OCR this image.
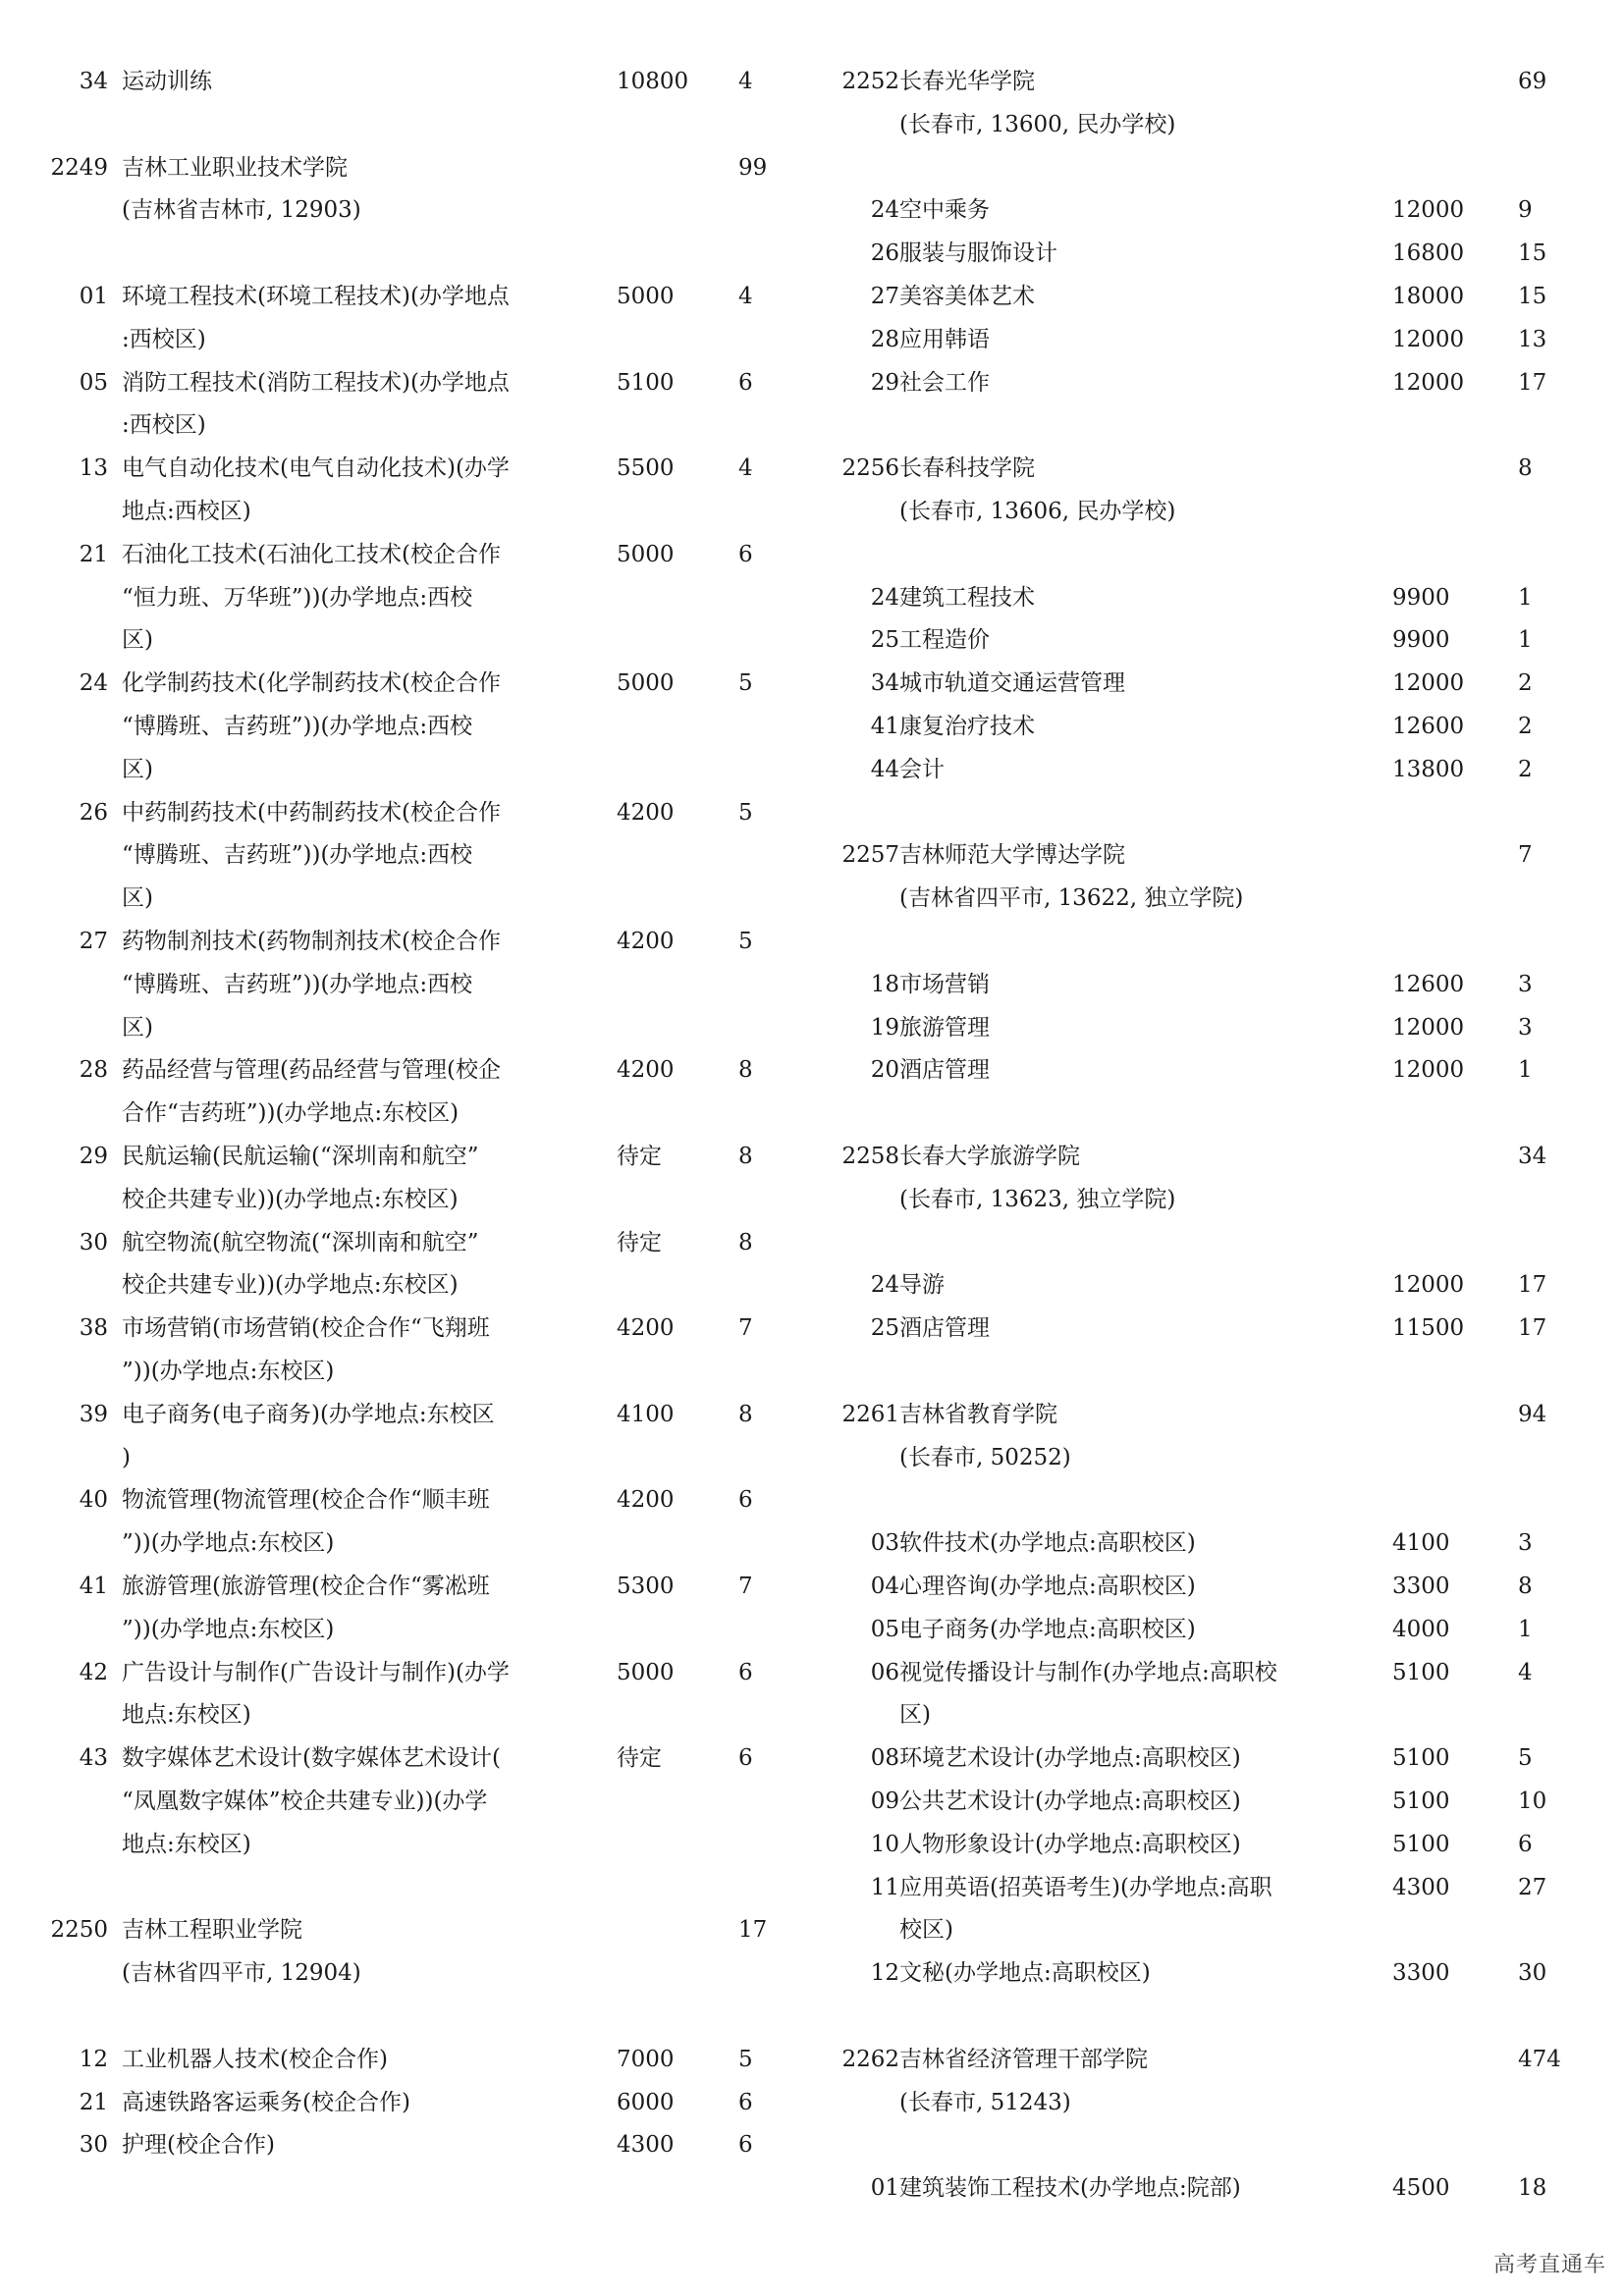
34 运动训练	10800 4
2249 吉林工业职业技术学院	99
(吉林省吉林市, 12903)
01 环境工程技术(环境工程技术)(办学地点	5000	4
:西校区)
05 消防工程技术(消防工程技术)(办学地点	5100	6
:西校区)
13 电气自动化技术(电气自动化技术)(办学	5500	4
地点:西校区)
21 石油化工技术(石油化工技术(校企合作	5000	6
“恒力班、万华班”))(办学地点:西校
区)
24 化学制药技术(化学制药技术(校企合作	5000	5
“博腾班、吉药班”))(办学地点:西校
区)
26 中药制药技术(中药制药技术(校企合作	4200	5
“博腾班、吉药班”))(办学地点:西校
区)
27 药物制剂技术(药物制剂技术(校企合作	4200	5
“博腾班、吉药班”))(办学地点:西校
区)
28 药品经营与管理(药品经营与管理(校企	4200	8
合作“吉药班”))(办学地点:东校区)
29 民航运输(民航运输(“深圳南和航空”	待定	8
校企共建专业))(办学地点:东校区)
30 航空物流(航空物流(“深圳南和航空”	待定	8
校企共建专业))(办学地点:东校区)
38 市场营销(市场营销(校企合作“飞翔班	4200	7
”))(办学地点:东校区)
39 电子商务(电子商务)(办学地点:东校区	4100	8
)
40 物流管理(物流管理(校企合作“顺丰班	4200	6
”))(办学地点:东校区)
41 旅游管理(旅游管理(校企合作“雾凇班	5300	7
”))(办学地点:东校区)
42 广告设计与制作(广告设计与制作)(办学	5000	6
地点:东校区)
43 数字媒体艺术设计(数字媒体艺术设计(	待定	6
“凤凰数字媒体”校企共建专业))(办学
地点:东校区)
2250 吉林工程职业学院	17
(吉林省四平市, 12904)
12 工业机器人技术(校企合作)	7000	5
21 高速铁路客运乘务(校企合作)	6000	6
30 护理(校企合作)	4300	6
2252 长春光华学院	69
(长春市, 13600, 民办学校)
24 空中乘务	12000 9
26 服装与服饰设计	16800 15
27 美容美体艺术	18000 15
28 应用韩语	12000 13
29 社会工作	12000 17
2256 长春科技学院	8
(长春市, 13606, 民办学校)
24 建筑工程技术	9900	1
25 工程造价	9900	1
34 城市轨道交通运营管理	12000 2
41 康复治疗技术	12600 2
44 会计	13800 2
2257 吉林师范大学博达学院	7
(吉林省四平市, 13622, 独立学院)
18 市场营销	12600 3
19 旅游管理	12000 3
20 酒店管理	12000 1
2258 长春大学旅游学院	34
(长春市, 13623, 独立学院)
24 导游	12000 17
25 酒店管理	11500 17
2261 吉林省教育学院	94
(长春市, 50252)
03 软件技术(办学地点:高职校区)	4100	3
04 心理咨询(办学地点:高职校区)	3300	8
05 电子商务(办学地点:高职校区)	4000	1
06 视觉传播设计与制作(办学地点:高职校	5100	4
区)
08 环境艺术设计(办学地点:高职校区)	5100	5
09 公共艺术设计(办学地点:高职校区)	5100	10
10 人物形象设计(办学地点:高职校区)	5100	6
11 应用英语(招英语考生)(办学地点:高职	4300	27
校区)
12 文秘(办学地点:高职校区)	3300	30
2262 吉林省经济管理干部学院	474
(长春市, 51243)
01 建筑装饰工程技术(办学地点:院部)	4500	18
高考直通车
